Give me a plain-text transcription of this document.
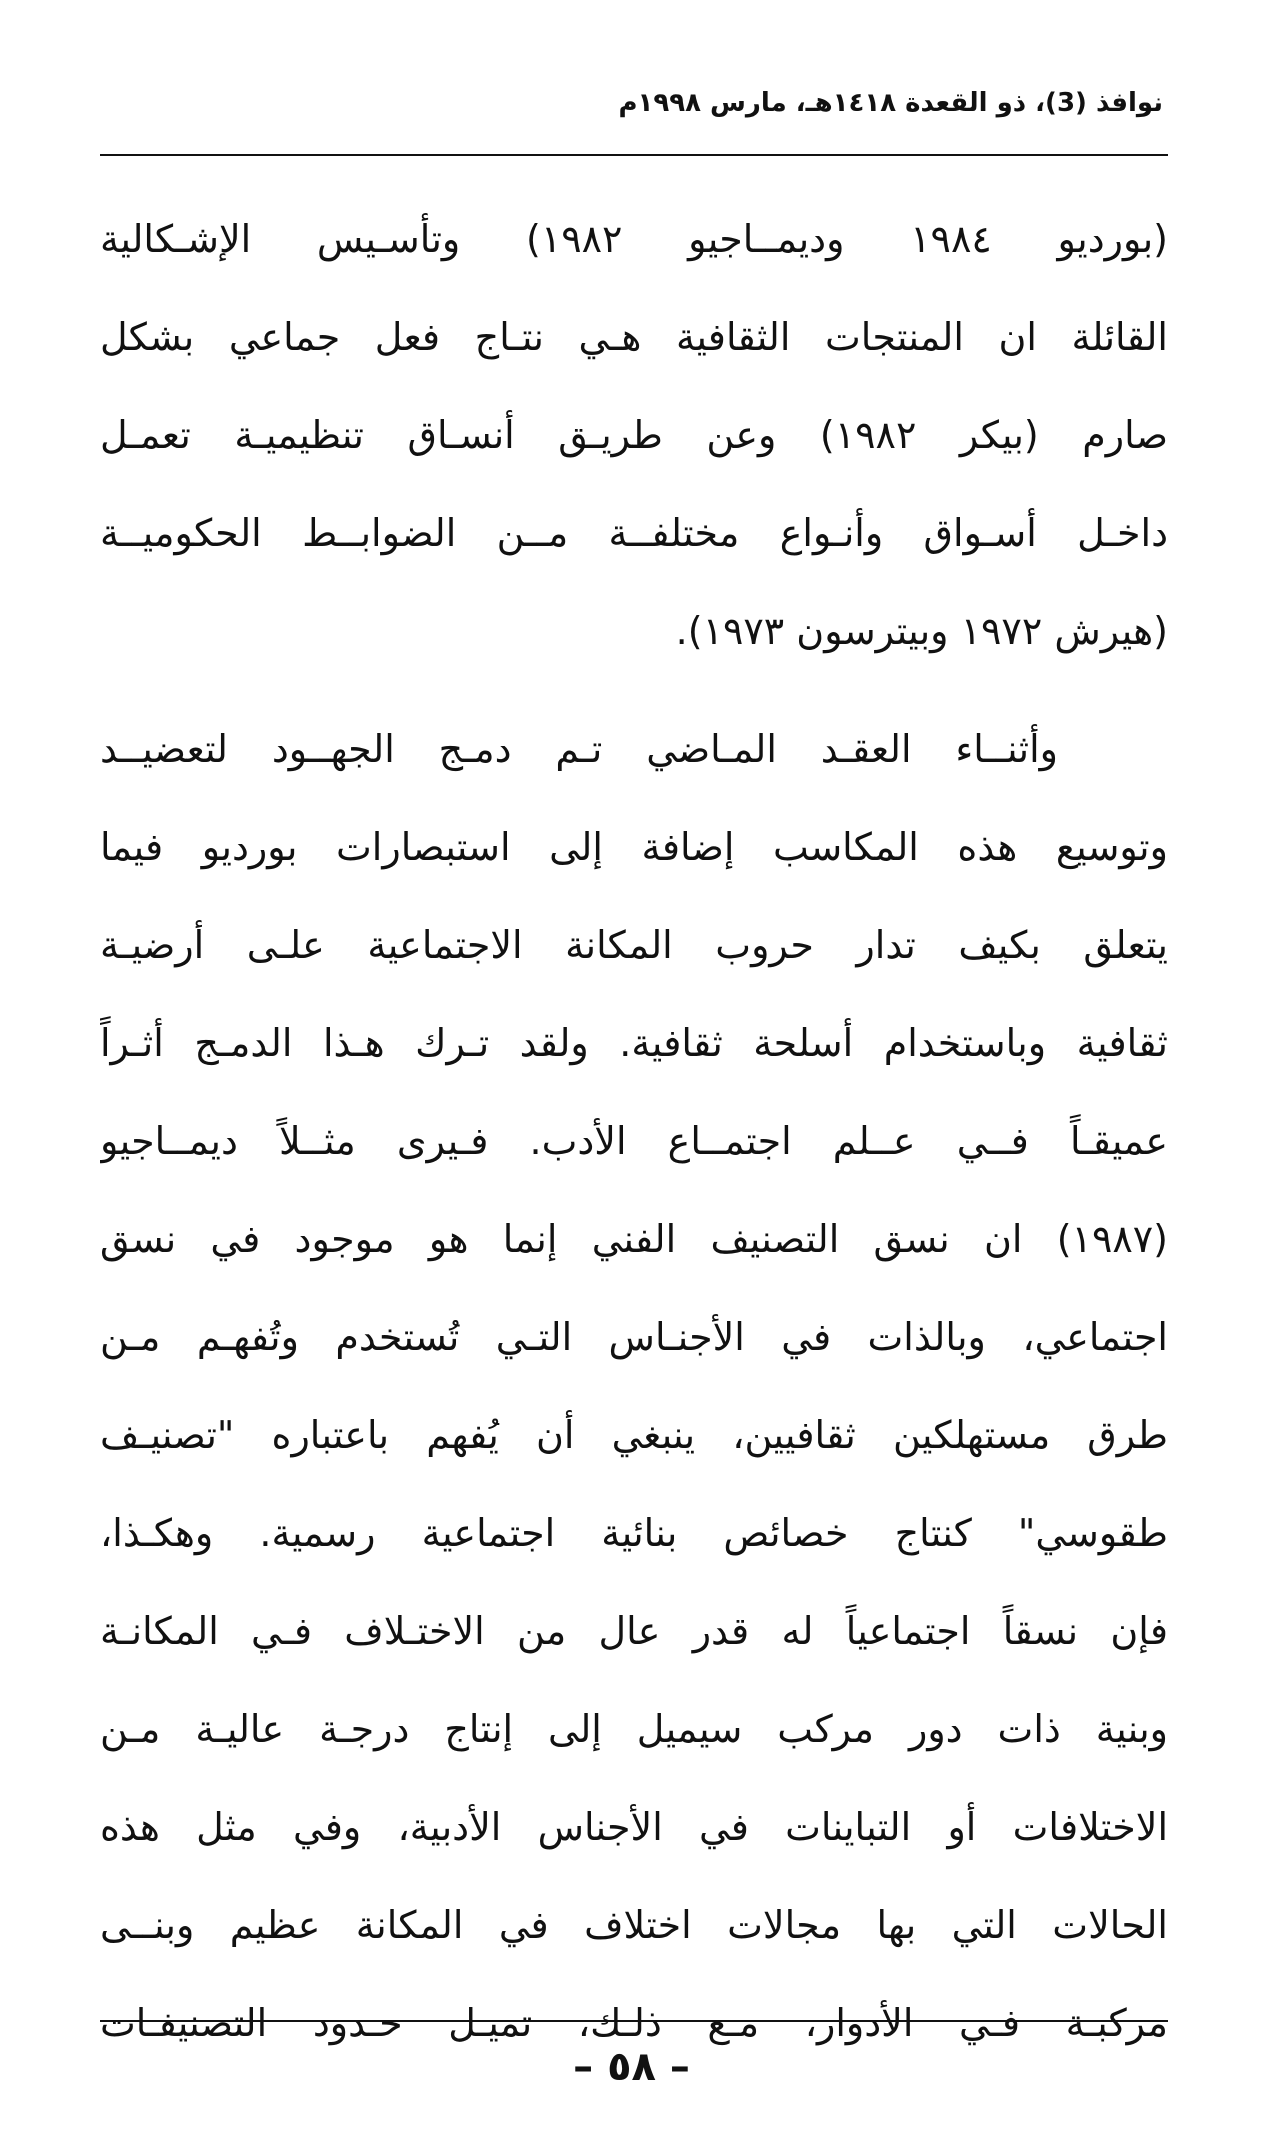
نوافذ (3)، ذو القعدة ١٤١٨هـ، مارس ١٩٩٨م
(بورديو ١٩٨٤ وديمــاجيو ١٩٨٢) وتأسـيس الإشـكالية
القائلة ان المنتجات الثقافية هـي نتـاج فعل جماعي بشكل
صارم (بيكر ١٩٨٢) وعن طريـق أنسـاق تنظيميـة تعمـل
داخـل أسـواق وأنـواع مختلفــة مــن الضوابــط الحكوميــة
(هيرش ١٩٧٢ وبيترسون ١٩٧٣).
وأثنــاء العقـد المـاضي تـم دمـج الجهــود لتعضيــد
وتوسيع هذه المكاسب إضافة إلى استبصارات بورديو فيما
يتعلق بكيف تدار حروب المكانة الاجتماعية علـى أرضيـة
ثقافية وباستخدام أسلحة ثقافية. ولقد تـرك هـذا الدمـج أثـراً
عميقـاً فــي عــلم اجتمــاع الأدب. فـيرى مثــلاً ديمــاجيو
(١٩٨٧) ان نسق التصنيف الفني إنما هو موجود في نسق
اجتماعي، وبالذات في الأجنـاس التـي تُستخدم وتُفهـم مـن
طرق مستهلكين ثقافيين، ينبغي أن يُفهم باعتباره "تصنيـف
طقوسي" كنتاج خصائص بنائية اجتماعية رسمية. وهكـذا،
فإن نسقاً اجتماعياً له قدر عال من الاختـلاف فـي المكانـة
وبنية ذات دور مركب سيميل إلى إنتاج درجـة عاليـة مـن
الاختلافات أو التباينات في الأجناس الأدبية، وفي مثل هذه
الحالات التي بها مجالات اختلاف في المكانة عظيم وبنــى
مركبـة فـي الأدوار، مـع ذلـك، تميـل حـدود التصنيفـات
– ٥٨ –
